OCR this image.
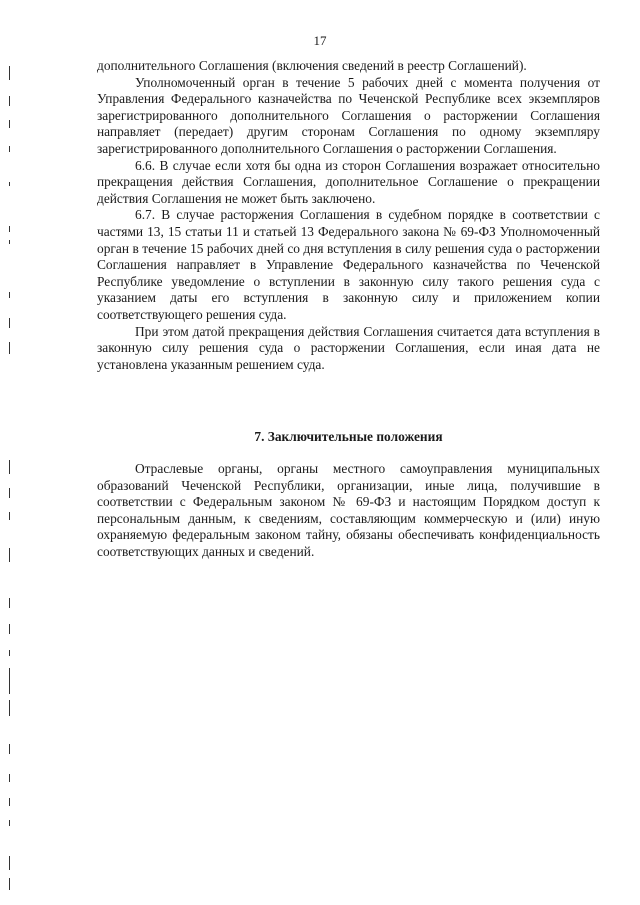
17

дополнительного Соглашения (включения сведений в реестр Соглашений).

Уполномоченный орган в течение 5 рабочих дней с момента получения от Управления Федерального казначейства по Чеченской Республике всех экземпляров зарегистрированного дополнительного Соглашения о расторжении Соглашения направляет (передает) другим сторонам Соглашения по одному экземпляру зарегистрированного дополнительного Соглашения о расторжении Соглашения.

6.6. В случае если хотя бы одна из сторон Соглашения возражает относительно прекращения действия Соглашения, дополнительное Соглашение о прекращении действия Соглашения не может быть заключено.

6.7. В случае расторжения Соглашения в судебном порядке в соответствии с частями 13, 15 статьи 11 и статьей 13 Федерального закона № 69-ФЗ Уполномоченный орган в течение 15 рабочих дней со дня вступления в силу решения суда о расторжении Соглашения направляет в Управление Федерального казначейства по Чеченской Республике уведомление о вступлении в законную силу такого решения суда с указанием даты его вступления в законную силу и приложением копии соответствующего решения суда.

При этом датой прекращения действия Соглашения считается дата вступления в законную силу решения суда о расторжении Соглашения, если иная дата не установлена указанным решением суда.

7. Заключительные положения

Отраслевые органы, органы местного самоуправления муниципальных образований Чеченской Республики, организации, иные лица, получившие в соответствии с Федеральным законом № 69-ФЗ и настоящим Порядком доступ к персональным данным, к сведениям, составляющим коммерческую и (или) иную охраняемую федеральным законом тайну, обязаны обеспечивать конфиденциальность соответствующих данных и сведений.
